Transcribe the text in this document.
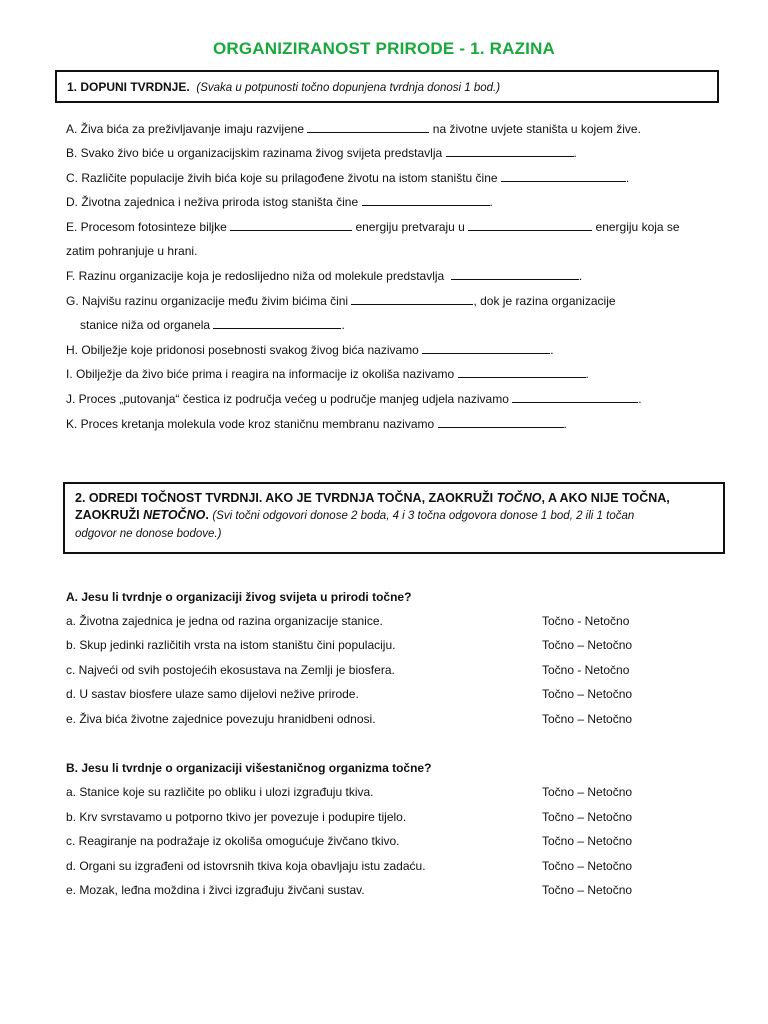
ORGANIZIRANOST PRIRODE - 1. RAZINA
1. DOPUNI TVRDNJE. (Svaka u potpunosti točno dopunjena tvrdnja donosi 1 bod.)
A. Živa bića za preživljavanje imaju razvijene	na životne uvjete staništa u kojem žive.
B. Svako živo biće u organizacijskim razinama živog svijeta predstavlja	.
C. Različite populacije živih bića koje su prilagođene životu na istom staništu čine	.
D. Životna zajednica i neživa priroda istog staništa čine	.
E. Procesom fotosinteze biljke	energiju pretvaraju u	energiju koja se
zatim pohranjuje u hrani.
F. Razinu organizacije koja je redoslijedno niža od molekule predstavlja	.
G. Najvišu razinu organizacije među živim bićima čini	, dok je razina organizacije
stanice niža od organela	.
H. Obilježje koje pridonosi posebnosti svakog živog bića nazivamo	.
I. Obilježje da živo biće prima i reagira na informacije iz okoliša nazivamo	.
J. Proces „putovanja“ čestica iz područja većeg u područje manjeg udjela nazivamo	.
K. Proces kretanja molekula vode kroz staničnu membranu nazivamo	.
2. ODREDI TOČNOST TVRDNJI. AKO JE TVRDNJA TOČNA, ZAOKRUŽI TOČNO, A AKO NIJE TOČNA,
ZAOKRUŽI NETOČNO. (Svi točni odgovori donose 2 boda, 4 i 3 točna odgovora donose 1 bod, 2 ili 1 točan
odgovor ne donose bodove.)
A. Jesu li tvrdnje o organizaciji živog svijeta u prirodi točne?
a. Životna zajednica je jedna od razina organizacije stanice.	Točno - Netočno
b. Skup jedinki različitih vrsta na istom staništu čini populaciju.	Točno – Netočno
c. Najveći od svih postojećih ekosustava na Zemlji je biosfera.	Točno - Netočno
d. U sastav biosfere ulaze samo dijelovi nežive prirode.	Točno – Netočno
e. Živa bića životne zajednice povezuju hranidbeni odnosi.	Točno – Netočno
B. Jesu li tvrdnje o organizaciji višestaničnog organizma točne?
a. Stanice koje su različite po obliku i ulozi izgrađuju tkiva.	Točno – Netočno
b. Krv svrstavamo u potporno tkivo jer povezuje i podupire tijelo.	Točno – Netočno
c. Reagiranje na podražaje iz okoliša omogućuje živčano tkivo.	Točno – Netočno
d. Organi su izgrađeni od istovrsnih tkiva koja obavljaju istu zadaću.	Točno – Netočno
e. Mozak, leđna moždina i živci izgrađuju živčani sustav.	Točno – Netočno
